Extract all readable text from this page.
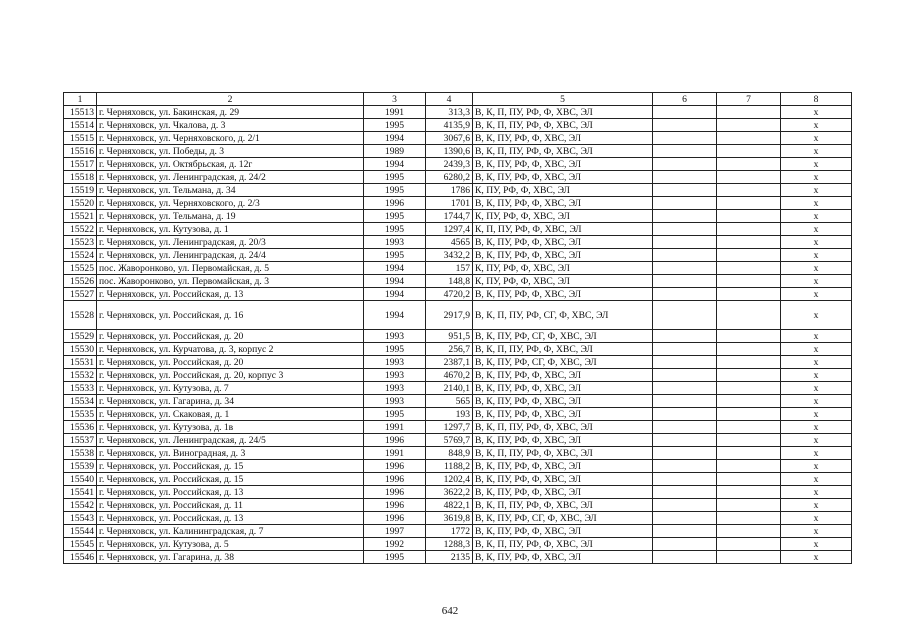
1	2	3	4	5	6	7	8
15513	г. Черняховск, ул. Бакинская, д. 29	1991	313,3	В, К, П, ПУ, РФ, Ф, ХВС, ЭЛ			х
15514	г. Черняховск, ул. Чкалова, д. 3	1995	4135,9	В, К, П, ПУ, РФ, Ф, ХВС, ЭЛ			х
15515	г. Черняховск, ул. Черняховского, д. 2/1	1994	3067,6	В, К, ПУ, РФ, Ф, ХВС, ЭЛ			х
15516	г. Черняховск, ул. Победы, д. 3	1989	1390,6	В, К, П, ПУ, РФ, Ф, ХВС, ЭЛ			х
15517	г. Черняховск, ул. Октябрьская, д. 12г	1994	2439,3	В, К, ПУ, РФ, Ф, ХВС, ЭЛ			х
15518	г. Черняховск, ул. Ленинградская, д. 24/2	1995	6280,2	В, К, ПУ, РФ, Ф, ХВС, ЭЛ			х
15519	г. Черняховск, ул. Тельмана, д. 34	1995	1786	К, ПУ, РФ, Ф, ХВС, ЭЛ			х
15520	г. Черняховск, ул. Черняховского, д. 2/3	1996	1701	В, К, ПУ, РФ, Ф, ХВС, ЭЛ			х
15521	г. Черняховск, ул. Тельмана, д. 19	1995	1744,7	К, ПУ, РФ, Ф, ХВС, ЭЛ			х
15522	г. Черняховск, ул. Кутузова, д. 1	1995	1297,4	К, П, ПУ, РФ, Ф, ХВС, ЭЛ			х
15523	г. Черняховск, ул. Ленинградская, д. 20/3	1993	4565	В, К, ПУ, РФ, Ф, ХВС, ЭЛ			х
15524	г. Черняховск, ул. Ленинградская, д. 24/4	1995	3432,2	В, К, ПУ, РФ, Ф, ХВС, ЭЛ			х
15525	пос. Жаворонково, ул. Первомайская, д. 5	1994	157	К, ПУ, РФ, Ф, ХВС, ЭЛ			х
15526	пос. Жаворонково, ул. Первомайская, д. 3	1994	148,8	К, ПУ, РФ, Ф, ХВС, ЭЛ			х
15527	г. Черняховск, ул. Российская, д. 13	1994	4720,2	В, К, ПУ, РФ, Ф, ХВС, ЭЛ			х
15528	г. Черняховск, ул. Российская, д. 16	1994	2917,9	В, К, П, ПУ, РФ, СГ, Ф, ХВС, ЭЛ			х
15529	г. Черняховск, ул. Российская, д. 20	1993	951,5	В, К, ПУ, РФ, СГ, Ф, ХВС, ЭЛ			х
15530	г. Черняховск, ул. Курчатова, д. 3, корпус 2	1995	256,7	В, К, П, ПУ, РФ, Ф, ХВС, ЭЛ			х
15531	г. Черняховск, ул. Российская, д. 20	1993	2387,1	В, К, ПУ, РФ, СГ, Ф, ХВС, ЭЛ			х
15532	г. Черняховск, ул. Российская, д. 20, корпус 3	1993	4670,2	В, К, ПУ, РФ, Ф, ХВС, ЭЛ			х
15533	г. Черняховск, ул. Кутузова, д. 7	1993	2140,1	В, К, ПУ, РФ, Ф, ХВС, ЭЛ			х
15534	г. Черняховск, ул. Гагарина, д. 34	1993	565	В, К, ПУ, РФ, Ф, ХВС, ЭЛ			х
15535	г. Черняховск, ул. Скаковая, д. 1	1995	193	В, К, ПУ, РФ, Ф, ХВС, ЭЛ			х
15536	г. Черняховск, ул. Кутузова, д. 1в	1991	1297,7	В, К, П, ПУ, РФ, Ф, ХВС, ЭЛ			х
15537	г. Черняховск, ул. Ленинградская, д. 24/5	1996	5769,7	В, К, ПУ, РФ, Ф, ХВС, ЭЛ			х
15538	г. Черняховск, ул. Виноградная, д. 3	1991	848,9	В, К, П, ПУ, РФ, Ф, ХВС, ЭЛ			х
15539	г. Черняховск, ул. Российская, д. 15	1996	1188,2	В, К, ПУ, РФ, Ф, ХВС, ЭЛ			х
15540	г. Черняховск, ул. Российская, д. 15	1996	1202,4	В, К, ПУ, РФ, Ф, ХВС, ЭЛ			х
15541	г. Черняховск, ул. Российская, д. 13	1996	3622,2	В, К, ПУ, РФ, Ф, ХВС, ЭЛ			х
15542	г. Черняховск, ул. Российская, д. 11	1996	4822,1	В, К, П, ПУ, РФ, Ф, ХВС, ЭЛ			х
15543	г. Черняховск, ул. Российская, д. 13	1996	3619,8	В, К, ПУ, РФ, СГ, Ф, ХВС, ЭЛ			х
15544	г. Черняховск, ул. Калининградская, д. 7	1997	1772	В, К, ПУ, РФ, Ф, ХВС, ЭЛ			х
15545	г. Черняховск, ул. Кутузова, д. 5	1992	1288,3	В, К, П, ПУ, РФ, Ф, ХВС, ЭЛ			х
15546	г. Черняховск, ул. Гагарина, д. 38	1995	2135	В, К, ПУ, РФ, Ф, ХВС, ЭЛ			х
642
